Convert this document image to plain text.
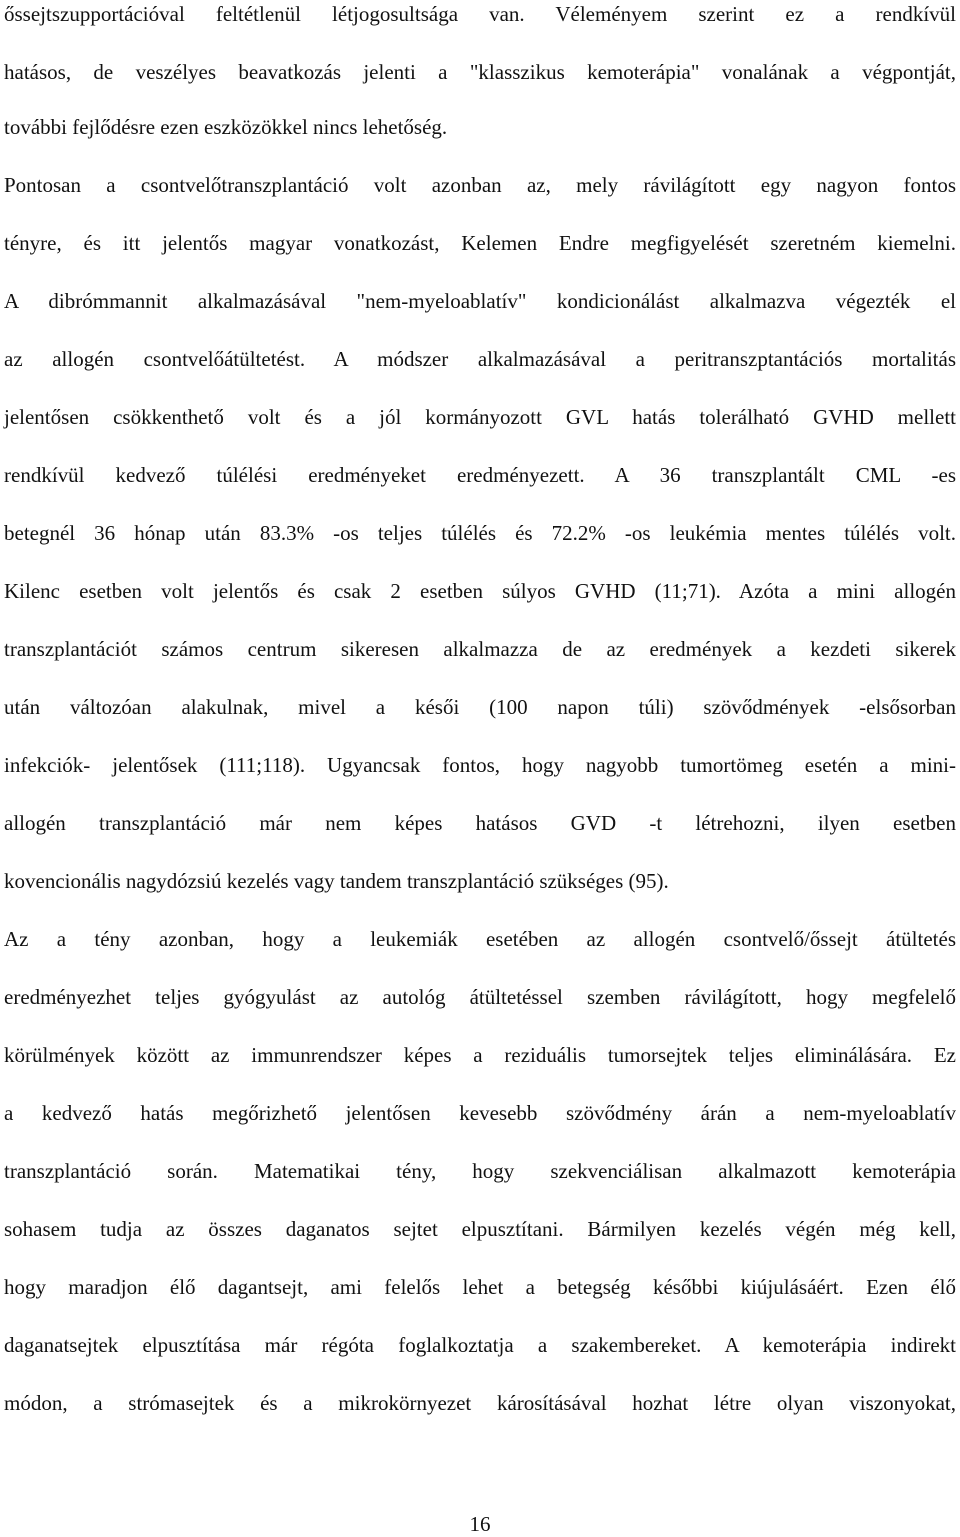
őssejtszupportációval feltétlenül létjogosultsága van. Véleményem szerint ez a rendkívül
hatásos, de veszélyes beavatkozás jelenti a "klasszikus kemoterápia" vonalának a végpontját,
további fejlődésre ezen eszközökkel nincs lehetőség.
Pontosan a csontvelőtranszplantáció volt azonban az, mely rávilágított egy nagyon fontos
tényre, és itt jelentős magyar vonatkozást, Kelemen Endre megfigyelését szeretném kiemelni.
A dibrómmannit alkalmazásával "nem-myeloablatív" kondicionálást alkalmazva végezték el
az allogén csontvelőátültetést. A módszer alkalmazásával a peritranszptantációs mortalitás
jelentősen csökkenthető volt és a jól kormányozott GVL hatás tolerálható GVHD mellett
rendkívül kedvező túlélési eredményeket eredményezett. A 36 transzplantált CML -es
betegnél 36 hónap után 83.3% -os teljes túlélés és 72.2% -os leukémia mentes túlélés volt.
Kilenc esetben volt jelentős és csak 2 esetben súlyos GVHD (11;71). Azóta a mini allogén
transzplantációt számos centrum sikeresen alkalmazza de az eredmények a kezdeti sikerek
után változóan alakulnak, mivel a késői (100 napon túli) szövődmények -elsősorban
infekciók- jelentősek (111;118). Ugyancsak fontos, hogy nagyobb tumortömeg esetén a mini-
allogén transzplantáció már nem képes hatásos GVD -t létrehozni, ilyen esetben
kovencionális nagydózsiú kezelés vagy tandem transzplantáció szükséges (95).
Az a tény azonban, hogy a leukemiák esetében az allogén csontvelő/őssejt átültetés
eredményezhet teljes gyógyulást az autológ átültetéssel szemben rávilágított, hogy megfelelő
körülmények között az immunrendszer képes a reziduális tumorsejtek teljes eliminálására. Ez
a kedvező hatás megőrizhető jelentősen kevesebb szövődmény árán a nem-myeloablatív
transzplantáció során. Matematikai tény, hogy szekvenciálisan alkalmazott kemoterápia
sohasem tudja az összes daganatos sejtet elpusztítani. Bármilyen kezelés végén még kell,
hogy maradjon élő dagantsejt, ami felelős lehet a betegség későbbi kiújulásáért. Ezen élő
daganatsejtek elpusztítása már régóta foglalkoztatja a szakembereket. A kemoterápia indirekt
módon, a strómasejtek és a mikrokörnyezet károsításával hozhat létre olyan viszonyokat,
16
